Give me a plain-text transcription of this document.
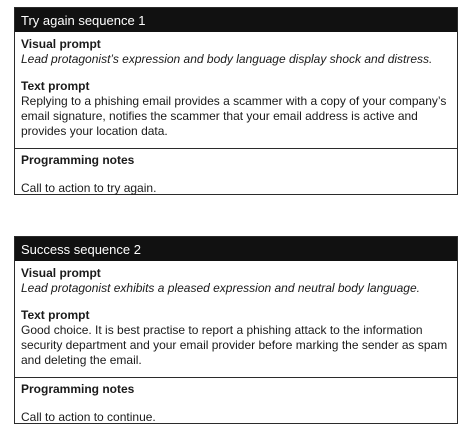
Try again sequence 1
Visual prompt
Lead protagonist’s expression and body language display shock and distress.
Text prompt
Replying to a phishing email provides a scammer with a copy of your company’s email signature, notifies the scammer that your email address is active and provides your location data.
Programming notes
Call to action to try again.
Success sequence 2
Visual prompt
Lead protagonist exhibits a pleased expression and neutral body language.
Text prompt
Good choice. It is best practise to report a phishing attack to the information security department and your email provider before marking the sender as spam and deleting the email.
Programming notes
Call to action to continue.
